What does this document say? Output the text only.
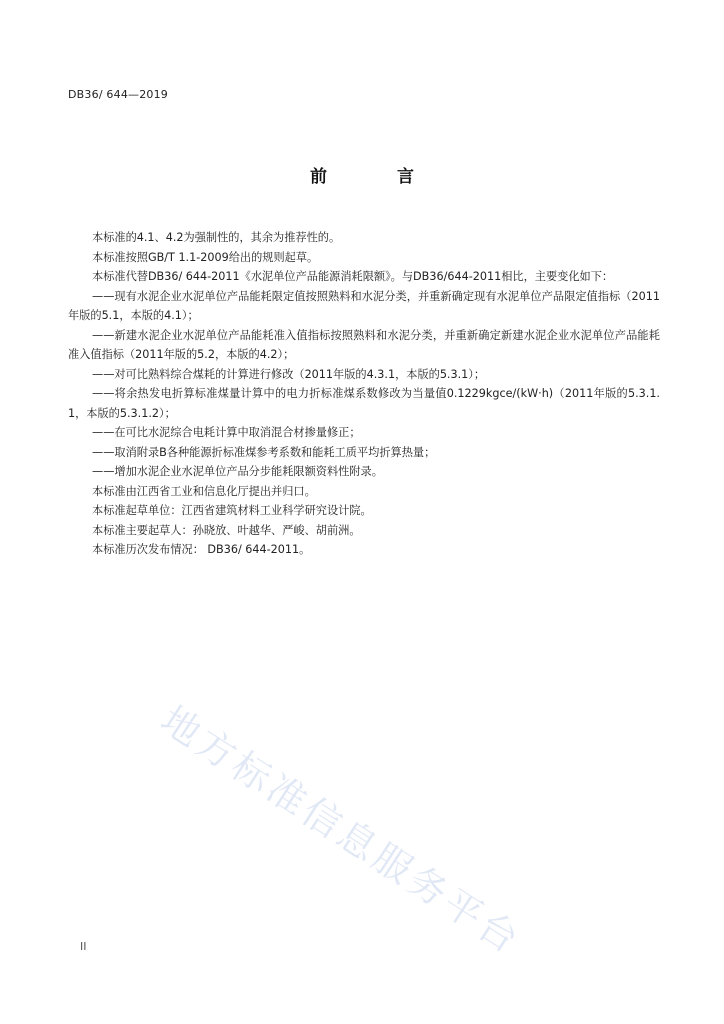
DB36/ 644—2019
前 言

本标准的4.1、4.2为强制性的，其余为推荐性的。

本标准按照GB/T 1.1-2009给出的规则起草。

本标准代替DB36/ 644-2011《水泥单位产品能源消耗限额》。与DB36/644-2011相比，主要变化如下：

——现有水泥企业水泥单位产品能耗限定值按照熟料和水泥分类，并重新确定现有水泥单位产品限定值指标（2011年版的5.1，本版的4.1）；

——新建水泥企业水泥单位产品能耗准入值指标按照熟料和水泥分类，并重新确定新建水泥企业水泥单位产品能耗准入值指标（2011年版的5.2，本版的4.2）；

——对可比熟料综合煤耗的计算进行修改（2011年版的4.3.1，本版的5.3.1）；

——将余热发电折算标准煤量计算中的电力折标准煤系数修改为当量值0.1229kgce/(kW·h)（2011年版的5.3.1.1，本版的5.3.1.2）；

——在可比水泥综合电耗计算中取消混合材掺量修正；

——取消附录B各种能源折标准煤参考系数和能耗工质平均折算热量；

——增加水泥企业水泥单位产品分步能耗限额资料性附录。

本标准由江西省工业和信息化厅提出并归口。

本标准起草单位：江西省建筑材料工业科学研究设计院。

本标准主要起草人：孙晓放、叶越华、严峻、胡前洲。

本标准历次发布情况： DB36/ 644-2011。

地方标准信息服务平台
II
